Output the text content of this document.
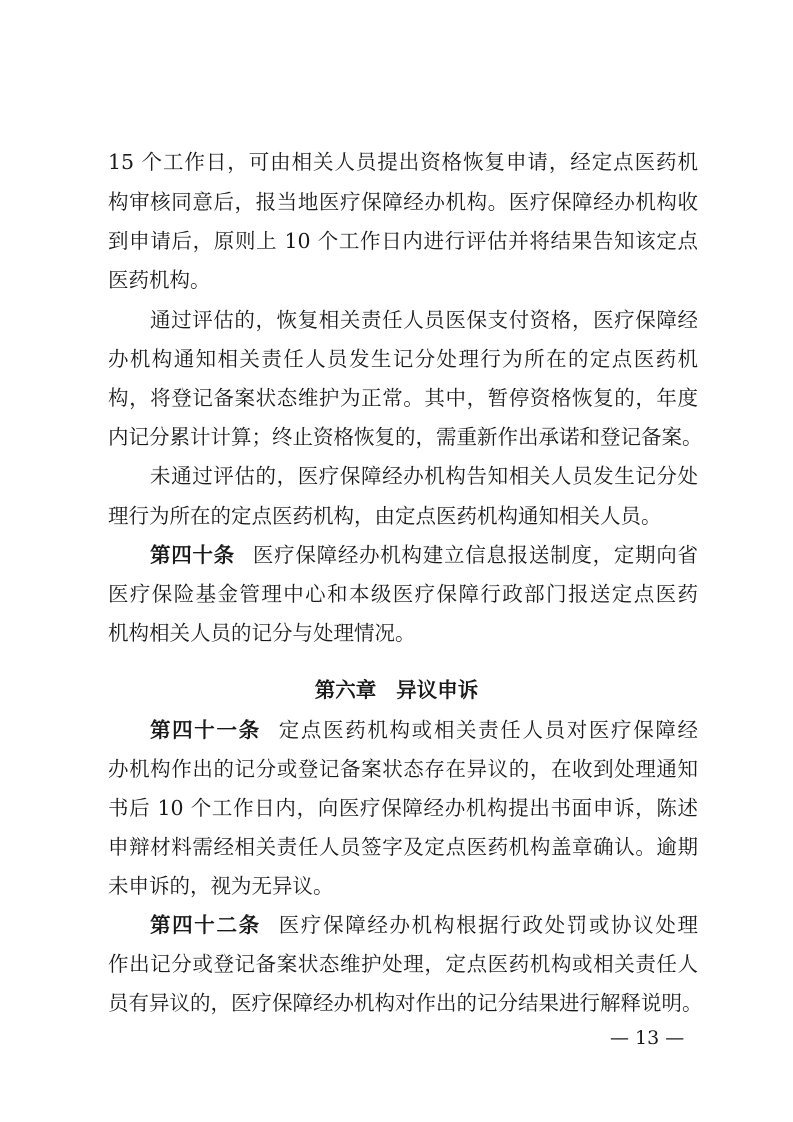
15 个工作日，可由相关人员提出资格恢复申请，经定点医药机
构审核同意后，报当地医疗保障经办机构。医疗保障经办机构收
到申请后，原则上 10 个工作日内进行评估并将结果告知该定点
医药机构。
通过评估的，恢复相关责任人员医保支付资格，医疗保障经
办机构通知相关责任人员发生记分处理行为所在的定点医药机
构，将登记备案状态维护为正常。其中，暂停资格恢复的，年度
内记分累计计算；终止资格恢复的，需重新作出承诺和登记备案。
未通过评估的，医疗保障经办机构告知相关人员发生记分处
理行为所在的定点医药机构，由定点医药机构通知相关人员。
第四十条 医疗保障经办机构建立信息报送制度，定期向省
医疗保险基金管理中心和本级医疗保障行政部门报送定点医药
机构相关人员的记分与处理情况。
第六章 异议申诉
第四十一条 定点医药机构或相关责任人员对医疗保障经
办机构作出的记分或登记备案状态存在异议的，在收到处理通知
书后 10 个工作日内，向医疗保障经办机构提出书面申诉，陈述
申辩材料需经相关责任人员签字及定点医药机构盖章确认。逾期
未申诉的，视为无异议。
第四十二条 医疗保障经办机构根据行政处罚或协议处理
作出记分或登记备案状态维护处理，定点医药机构或相关责任人
员有异议的，医疗保障经办机构对作出的记分结果进行解释说明。
— 13 —
